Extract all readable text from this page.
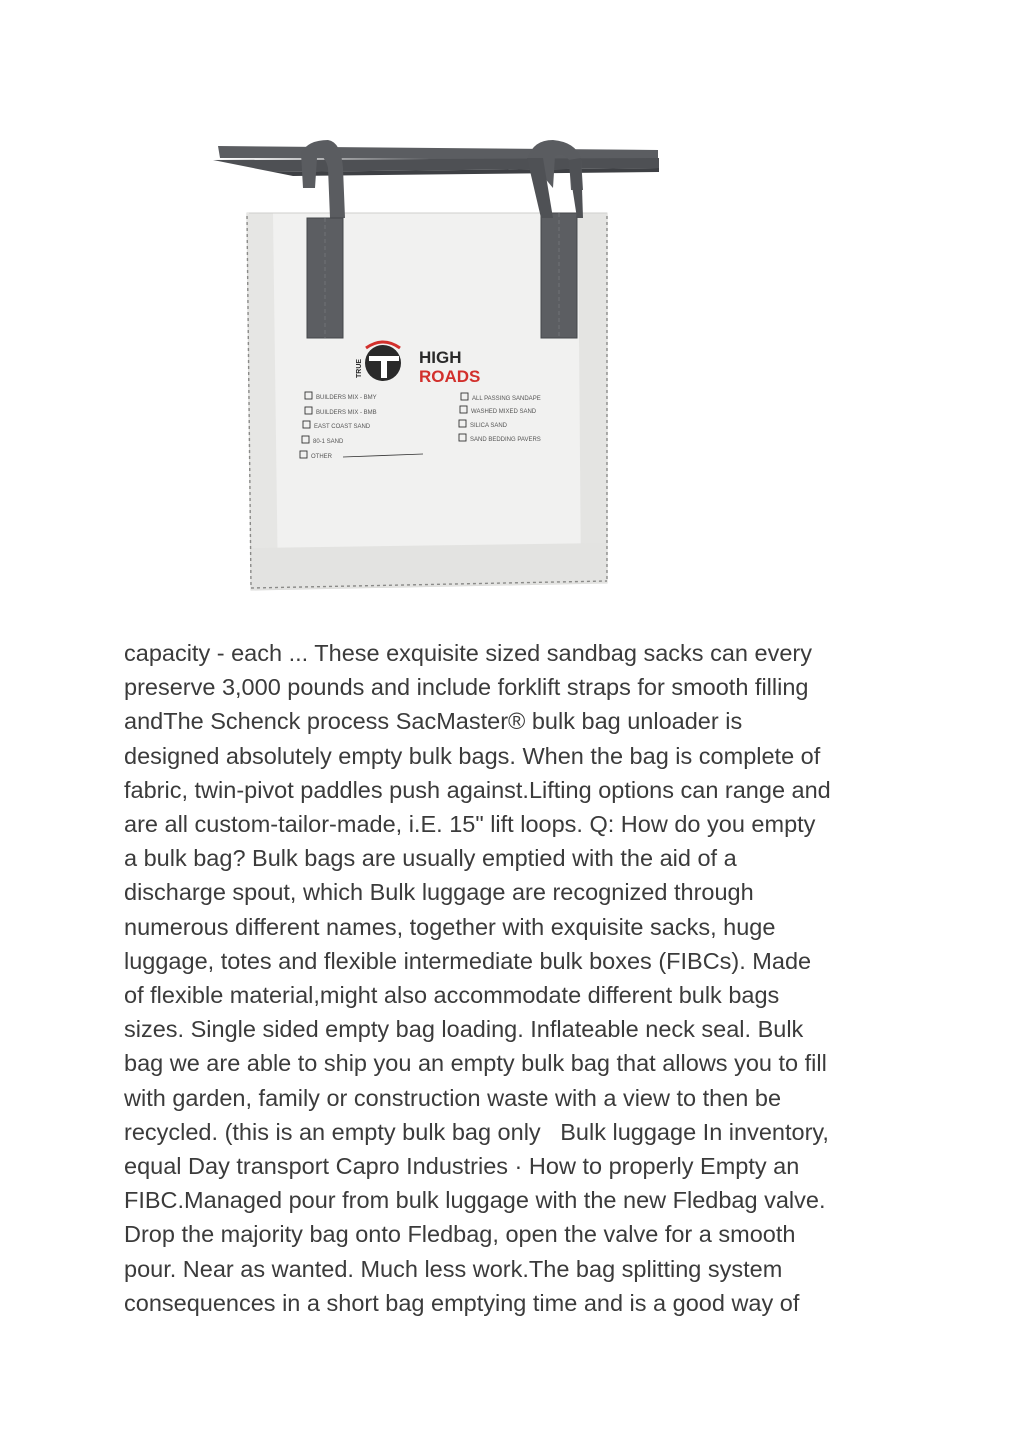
TRUE
HIGH
ROADS
BUILDERS MIX - BMY
BUILDERS MIX - BMB
EAST COAST SAND
80-1 SAND
OTHER
ALL PASSING SANDAPE
WASHED MIXED SAND
SILICA SAND
SAND BEDDING PAVERS
capacity - each ... These exquisite sized sandbag sacks can every
preserve 3,000 pounds and include forklift straps for smooth filling
andThe Schenck process SacMaster® bulk bag unloader is
designed absolutely empty bulk bags. When the bag is complete of
fabric, twin-pivot paddles push against.Lifting options can range and
are all custom-tailor-made, i.E. 15" lift loops. Q: How do you empty
a bulk bag? Bulk bags are usually emptied with the aid of a
discharge spout, which Bulk luggage are recognized through
numerous different names, together with exquisite sacks, huge
luggage, totes and flexible intermediate bulk boxes (FIBCs). Made
of flexible material,might also accommodate different bulk bags
sizes. Single sided empty bag loading. Inflateable neck seal. Bulk
bag we are able to ship you an empty bulk bag that allows you to fill
with garden, family or construction waste with a view to then be
recycled. (this is an empty bulk bag only   Bulk luggage In inventory,
equal Day transport Capro Industries · How to properly Empty an
FIBC.Managed pour from bulk luggage with the new Fledbag valve.
Drop the majority bag onto Fledbag, open the valve for a smooth
pour. Near as wanted. Much less work.The bag splitting system
consequences in a short bag emptying time and is a good way of
